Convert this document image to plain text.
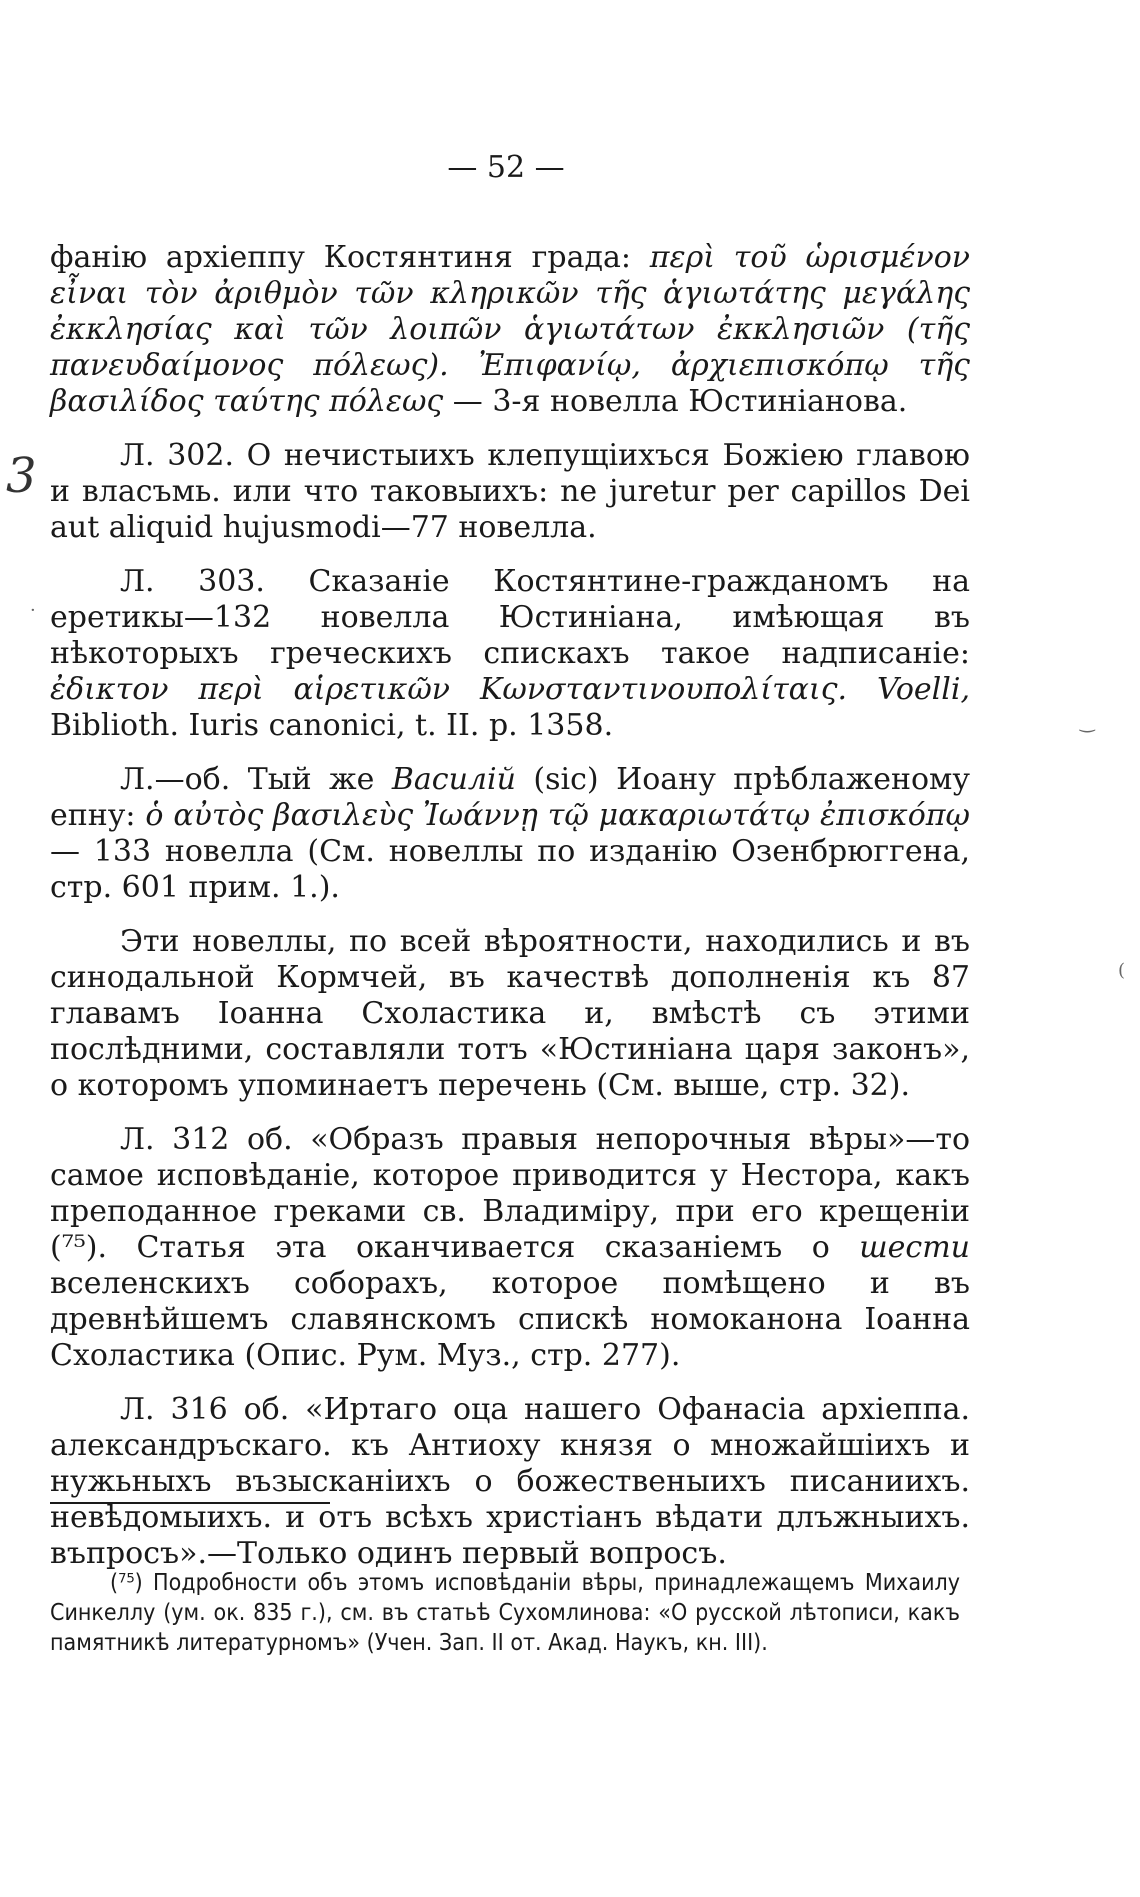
— 52 —
3

фанію архіеппу Костянтиня града: περὶ τοῦ ὡρισμένον εἶναι τὸν ἀριθμὸν τῶν κληρικῶν τῆς ἁγιωτάτης μεγάλης ἐκκλησίας καὶ τῶν λοιπῶν ἁγιωτάτων ἐκκλησιῶν (τῆς πανευδαίμονος πόλεως). Ἐπιφανίῳ, ἀρχιεπισκόπῳ τῆς βασιλίδος ταύτης πόλεως — 3-я новелла Юстиніанова.

Л. 302. О нечистыихъ клепущіихъся Божіею главою и власъмь. или что таковыихъ: ne juretur per capillos Dei aut aliquid hujusmodi—77 новелла.

Л. 303. Сказаніе Костянтине-гражданомъ на еретикы—132 новелла Юстиніана, имѣющая въ нѣкоторыхъ греческихъ спискахъ такое надписаніе: ἐδικτον περὶ αἱρετικῶν Κωνσταντινουπολίταις. Voelli, Biblioth. Iuris canonici, t. II. p. 1358.

Л.—об. Тый же Василій (sic) Иоану прѣблаженому епну: ὁ αὐτὸς βασιλεὺς Ἰωάννῃ τῷ μακαριωτάτῳ ἐπισκόπῳ — 133 новелла (См. новеллы по изданію Озенбрюггена, стр. 601 прим. 1.).

Эти новеллы, по всей вѣроятности, находились и въ синодальной Кормчей, въ качествѣ дополненія къ 87 главамъ Іоанна Схоластика и, вмѣстѣ съ этими послѣдними, составляли тотъ «Юстиніана царя законъ», о которомъ упоминаетъ перечень (См. выше, стр. 32).

Л. 312 об. «Образъ правыя непорочныя вѣры»—то самое исповѣданіе, которое приводится у Нестора, какъ преподанное греками св. Владиміру, при его крещеніи (⁷⁵). Статья эта оканчивается сказаніемъ о шести вселенскихъ соборахъ, которое помѣщено и въ древнѣйшемъ славянскомъ спискѣ номоканона Іоанна Схоластика (Опис. Рум. Муз., стр. 277).

Л. 316 об. «Иртаго оца нашего Офанасіа архіеппа. александръскаго. къ Антиоху князя о множайшіихъ и нужьныхъ възысканіихъ о божественыихъ писаниихъ. невѣдомыихъ. и отъ всѣхъ христіанъ вѣдати длъжныихъ. въпросъ».—Только одинъ первый вопросъ.

(⁷⁵) Подробности объ этомъ исповѣданіи вѣры, принадлежащемъ Михаилу Синкеллу (ум. ок. 835 г.), см. въ статьѣ Сухомлинова: «О русской лѣтописи, какъ памятникѣ литературномъ» (Учен. Зап. II от. Акад. Наукъ, кн. III).
·
‿
(
